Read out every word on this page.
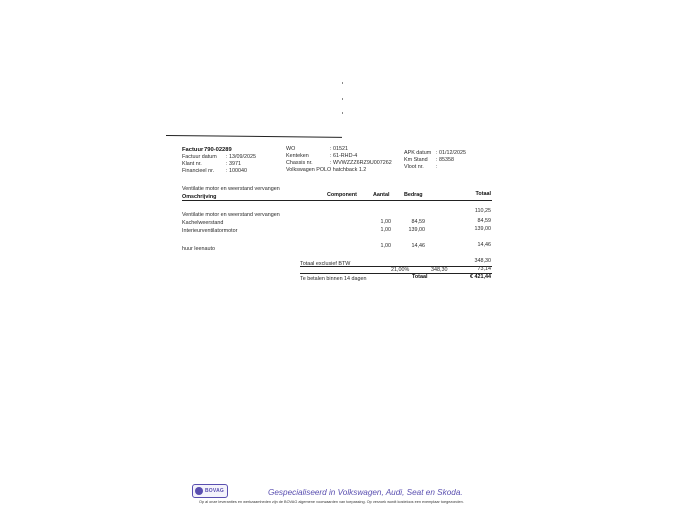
Factuur 790-02289
Factuur datum : 13/09/2025
Klant nr.	: 3971
Financieel nr. : 100040
WO	: 01521
Kenteken	: 61-RHD-4
Chassis nr.	: WVWZZZ6RZ9U007262
Volkswagen POLO hatchback 1.2
APK datum : 01/12/2025
Km Stand : 85358
Vloot nr. :
Ventilatie motor en weerstand vervangen
Omschrijving	Component	Aantal	Bedrag	Totaal
Ventilatie motor en weerstand vervangen
110,25
Kachelweerstand	1,00	84,59	84,59
Interieurventilatormotor	1,00	139,00	139,00
huur leenauto	1,00	14,46	14,46
Totaal exclusief BTW	348,30
21,00%	348,30	73,14
Te betalen binnen 14 dagen	Totaal	€ 421,44
BOVAG	Gespecialiseerd in Volkswagen, Audi, Seat en Skoda.
Op al onze leveranties en werkzaamheden zijn de BOVAG algemene voorwaarden van toepassing. Op verzoek wordt kosteloos een exemplaar toegezonden.
